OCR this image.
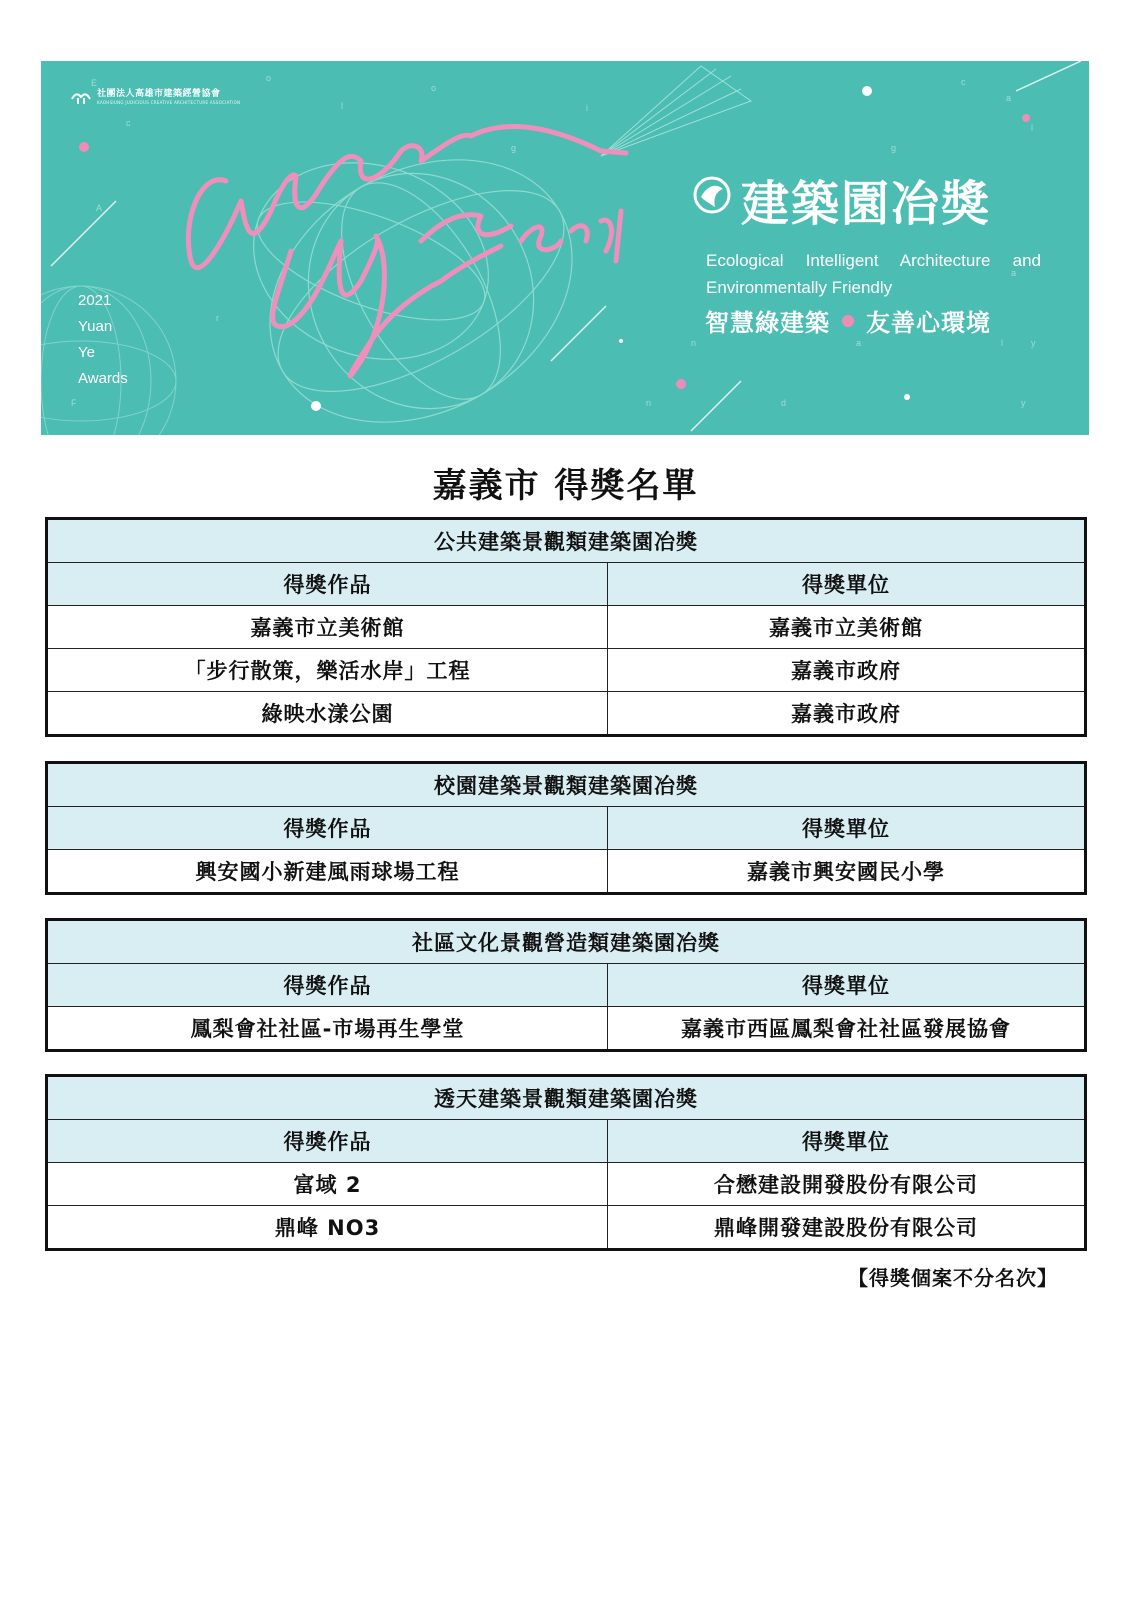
E
c
A
o
l
o
g
i
g
c
a
l
a
y
n	a	l
d
F
r
n	y
社團法人高雄市建築經營協會
KAOHSIUNG JUDICIOUS CREATIVE ARCHITECTURE ASSOCIATION
2021
Yuan
Ye
Awards
建築園冶獎
Ecological Intelligent Architecture and
Environmentally Friendly
智慧綠建築 友善心環境
嘉義市 得獎名單
公共建築景觀類建築園冶獎	
得獎作品	得獎單位
嘉義市立美術館	嘉義市立美術館
「步行散策，樂活水岸」工程	嘉義市政府
綠映水漾公園	嘉義市政府
校園建築景觀類建築園冶獎	
得獎作品	得獎單位
興安國小新建風雨球場工程	嘉義市興安國民小學
社區文化景觀營造類建築園冶獎	
得獎作品	得獎單位
鳳梨會社社區-市場再生學堂	嘉義市西區鳳梨會社社區發展協會
透天建築景觀類建築園冶獎	
得獎作品	得獎單位
富域 2	合懋建設開發股份有限公司
鼎峰 NO3	鼎峰開發建設股份有限公司
【得獎個案不分名次】
